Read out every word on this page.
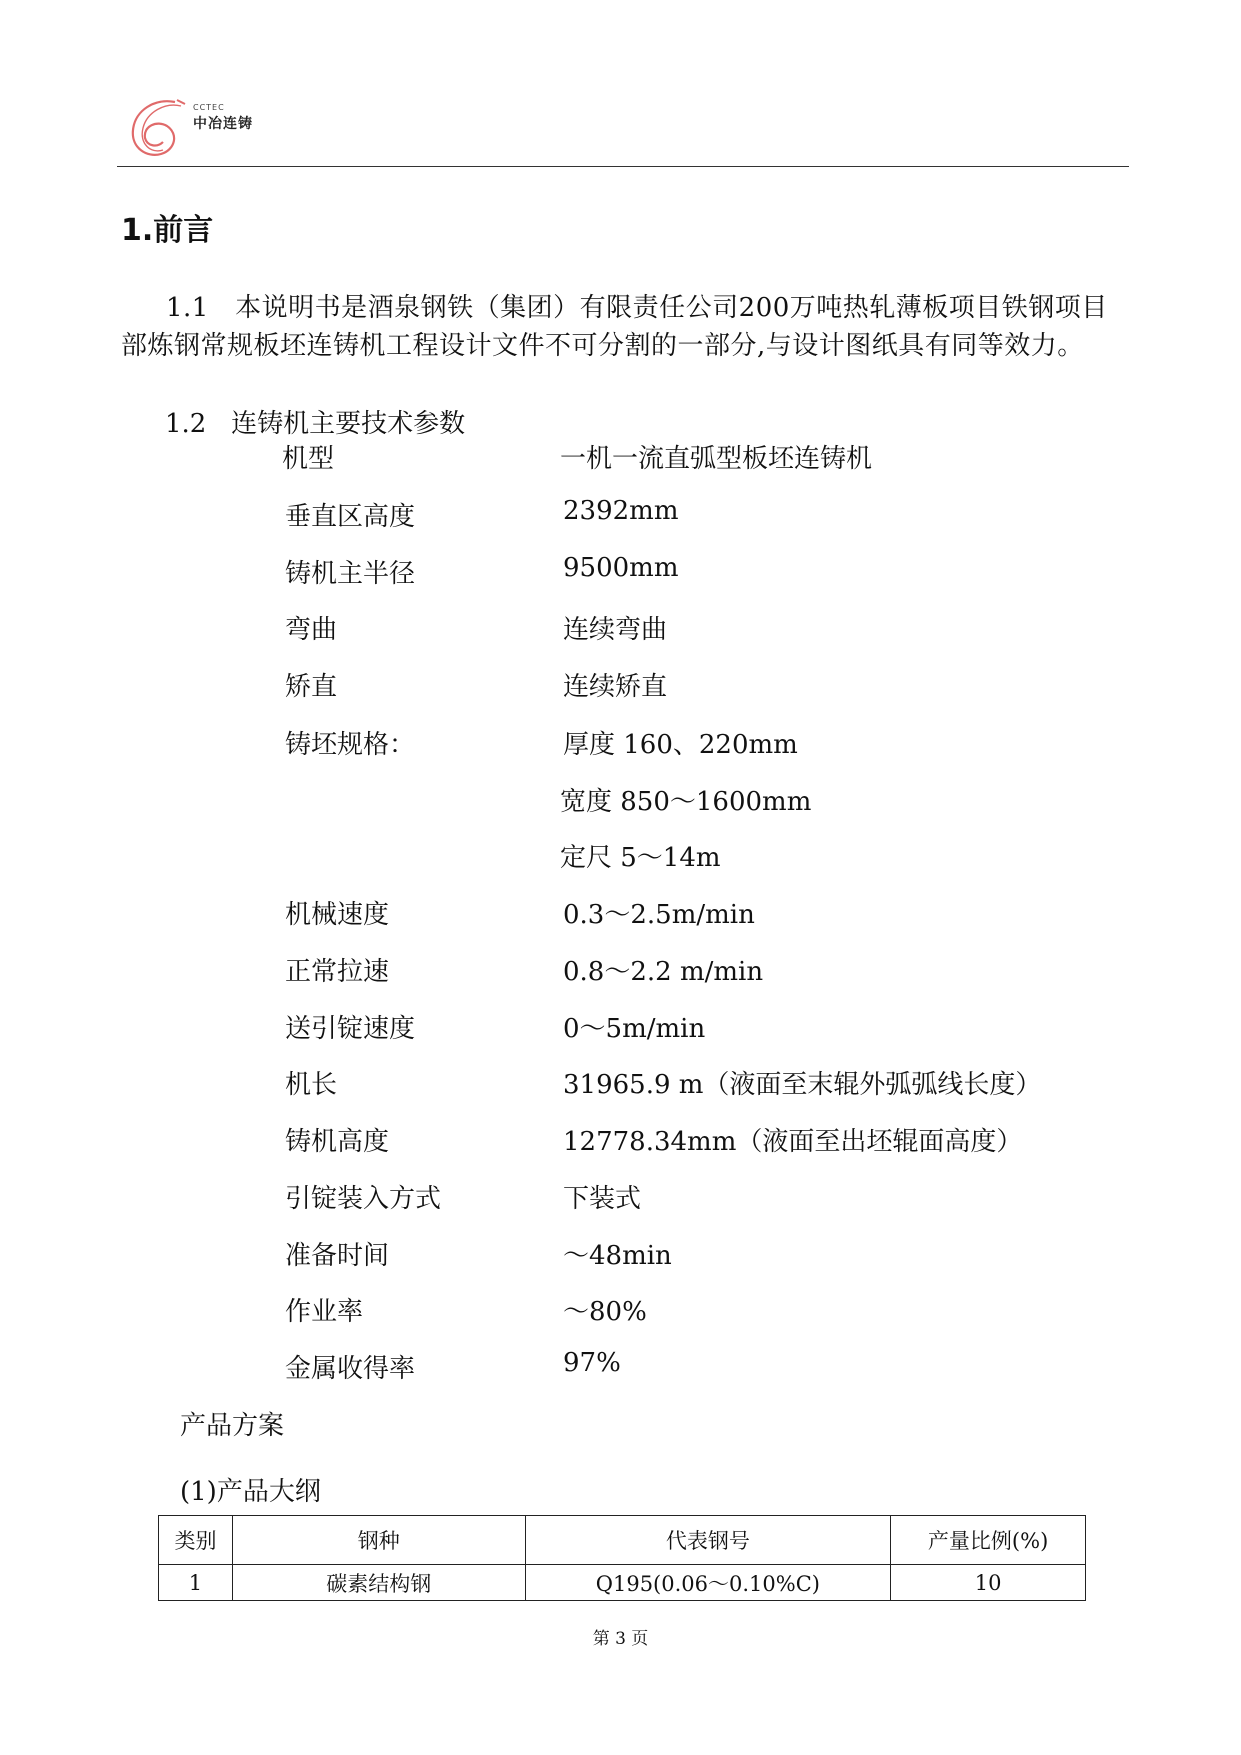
CCTEC
中冶连铸
1.前言

1.1 本说明书是酒泉钢铁（集团）有限责任公司200万吨热轧薄板项目铁钢项目部炼钢常规板坯连铸机工程设计文件不可分割的一部分,与设计图纸具有同等效力。

1.2 连铸机主要技术参数

机型	一机一流直弧型板坯连铸机
垂直区高度	2392mm
铸机主半径	9500mm
弯曲	连续弯曲
矫直	连续矫直
铸坯规格：	厚度 160、220mm
宽度 850～1600mm
定尺 5～14m
机械速度	0.3～2.5m/min
正常拉速	0.8～2.2 m/min
送引锭速度	0～5m/min
机长	31965.9 m（液面至末辊外弧弧线长度）
铸机高度	12778.34mm（液面至出坯辊面高度）
引锭装入方式	下装式
准备时间	～48min
作业率	～80%
金属收得率	97%
产品方案
(1)产品大纲
类别	钢种	代表钢号	产量比例(%)
1	碳素结构钢	Q195(0.06～0.10%C)	10
第 3 页
